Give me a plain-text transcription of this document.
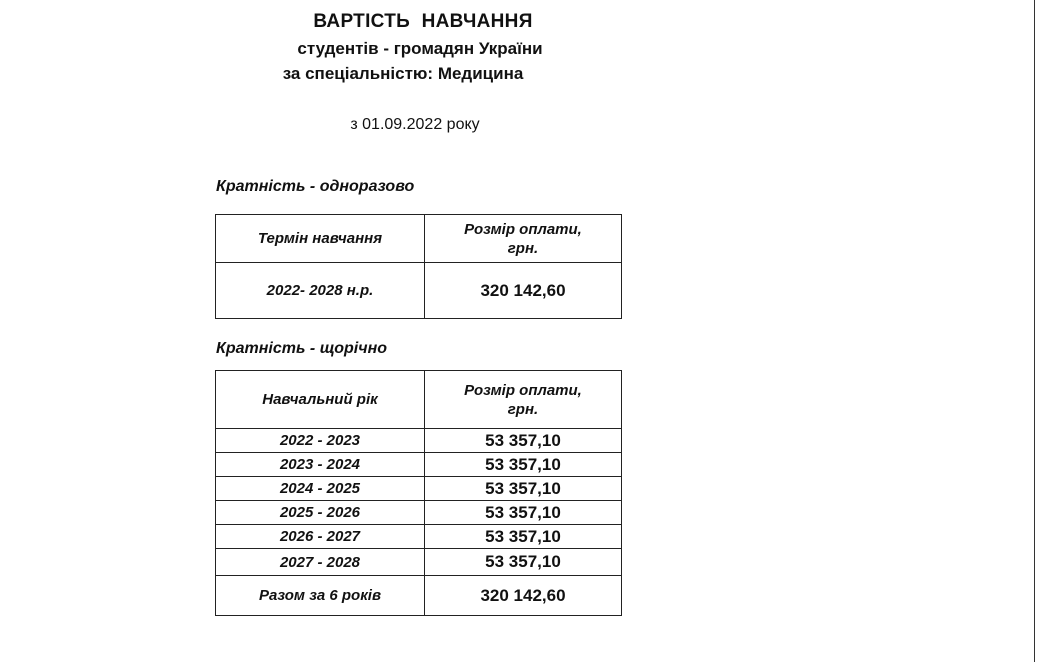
ВАРТІСТЬ НАВЧАННЯ
студентів - громадян України
за спеціальністю: Медицина
з 01.09.2022 року
Кратність - одноразово
Термін навчання	Розмір оплати,
грн.

2022- 2028 н.р.	320 142,60
Кратність - щорічно
Навчальний рік	Розмір оплати,
грн.

2022 - 2023	53 357,10
2023 - 2024	53 357,10
2024 - 2025	53 357,10
2025 - 2026	53 357,10
2026 - 2027	53 357,10
2027 - 2028	53 357,10
Разом за 6 років	320 142,60
